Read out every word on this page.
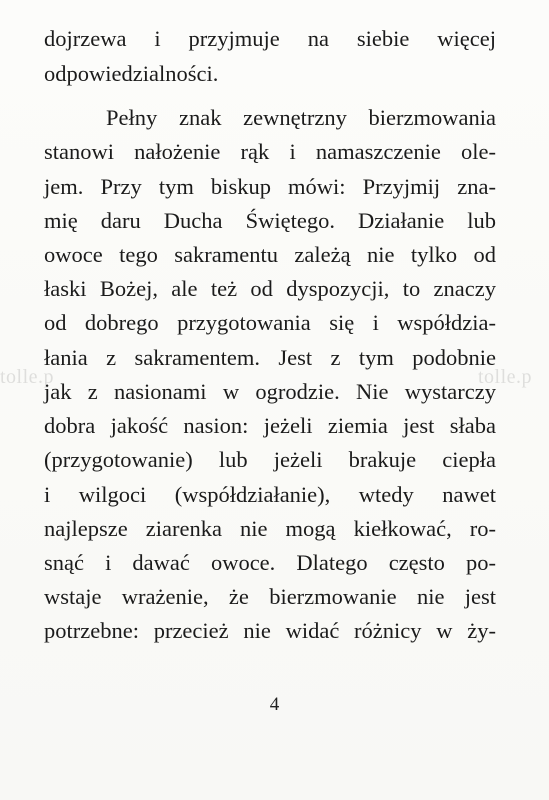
tolle.p	tolle.p
dojrzewa i przyjmuje na siebie więcej
odpowiedzialności.
Pełny znak zewnętrzny bierzmowania
stanowi nałożenie rąk i namaszczenie ole-
jem. Przy tym biskup mówi: Przyjmij zna-
mię daru Ducha Świętego. Działanie lub
owoce tego sakramentu zależą nie tylko od
łaski Bożej, ale też od dyspozycji, to znaczy
od dobrego przygotowania się i współdzia-
łania z sakramentem. Jest z tym podobnie
jak z nasionami w ogrodzie. Nie wystarczy
dobra jakość nasion: jeżeli ziemia jest słaba
(przygotowanie) lub jeżeli brakuje ciepła
i wilgoci (współdziałanie), wtedy nawet
najlepsze ziarenka nie mogą kiełkować, ro-
snąć i dawać owoce. Dlatego często po-
wstaje wrażenie, że bierzmowanie nie jest
potrzebne: przecież nie widać różnicy w ży-
4
